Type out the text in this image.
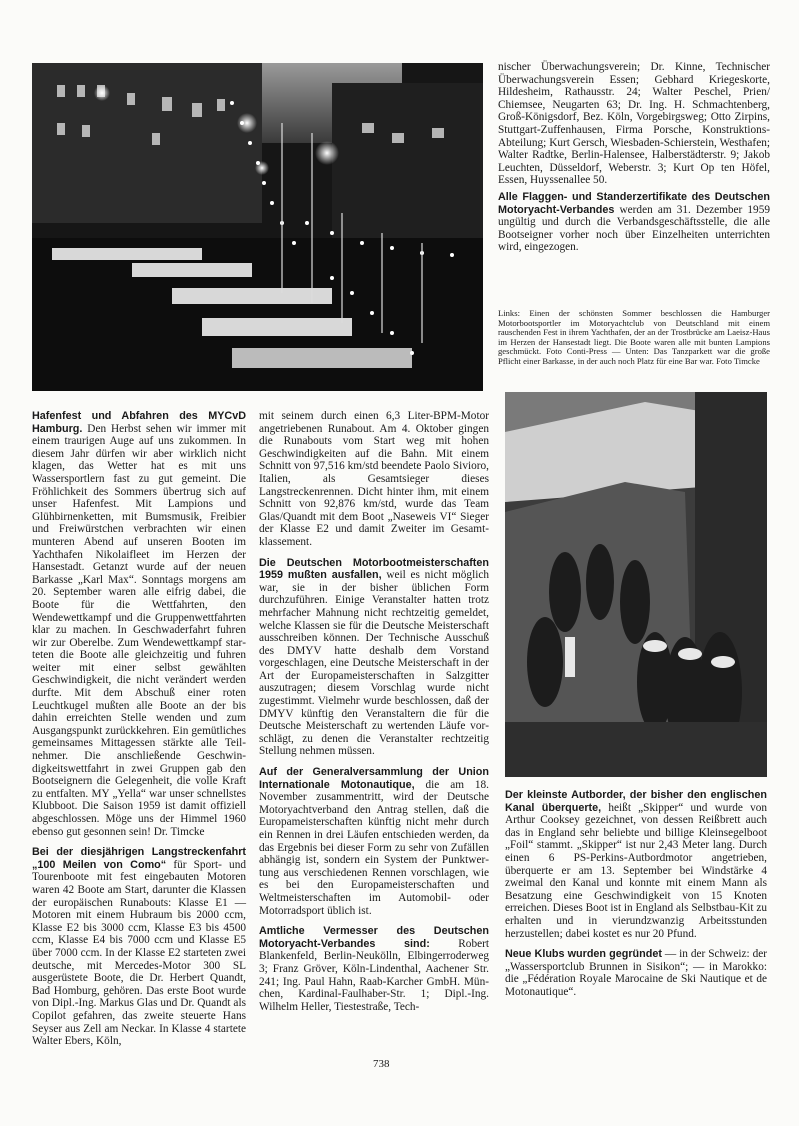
nischer Überwachungsverein; Dr. Kinne, Technischer Überwachungsverein Essen; Gebhard Kriegeskorte, Hildesheim, Rathausstr. 24; Walter Peschel, Prien/ Chiemsee, Neugarten 63; Dr. Ing. H. Schmachtenberg, Groß-Königsdorf, Bez. Köln, Vorgebirgsweg; Otto Zirpins, Stuttgart-Zuffenhausen, Firma Porsche, Konstruktions-Abteilung; Kurt Gersch, Wiesbaden-Schierstein, Westhafen; Walter Radtke, Berlin-Halensee, Halberstädterstr. 9; Jakob Leuchten, Düsseldorf, Weberstr. 3; Kurt Op ten Höfel, Essen, Huyssenallee 50.

Alle Flaggen- und Standerzertifikate des Deutschen Motoryacht-Verbandes werden am 31. Dezember 1959 ungültig und durch die Verbandsgeschäftsstelle, die alle Bootseigner vorher noch über Einzelheiten unterrichten wird, eingezogen.

Links: Einen der schönsten Sommer beschlossen die Hamburger Motorbootsportler im Motoryachtclub von Deutschland mit einem rauschenden Fest in ihrem Yachthafen, der an der Trostbrücke am Laeisz-Haus im Herzen der Hansestadt liegt. Die Boote waren alle mit bunten Lampions geschmückt. Foto Conti-Press — Unten: Das Tanzparkett war die große Pflicht einer Barkasse, in der auch noch Platz für eine Bar war. Foto Timcke

Hafenfest und Abfahren des MYCvD Hamburg. Den Herbst sehen wir immer mit einem traurigen Auge auf uns zukommen. In diesem Jahr dürfen wir aber wirklich nicht klagen, das Wetter hat es mit uns Wassersportlern fast zu gut gemeint. Die Fröhlichkeit des Sommers übertrug sich auf unser Hafenfest. Mit Lampions und Glühbirnenketten, mit Bumsmusik, Freibier und Freiwürstchen verbrachten wir einen munteren Abend auf unseren Booten im Yachthafen Nikolaifleet im Herzen der Hansestadt. Getanzt wurde auf der neuen Barkasse „Karl Max“. Sonntags morgens am 20. September waren alle eifrig dabei, die Boote für die Wettfahrten, den Wendewettkampf und die Gruppenwettfahrten klar zu machen. In Geschwaderfahrt fuhren wir zur Oberelbe. Zum Wendewettkampf starteten die Boote alle gleichzeitig und fuhren weiter mit einer selbst gewählten Geschwindigkeit, die nicht verändert werden durfte. Mit dem Abschuß einer roten Leuchtkugel mußten alle Boote an der bis dahin erreichten Stelle wenden und zum Ausgangspunkt zurückkehren. Ein gemütliches gemeinsames Mittagessen stärkte alle Teilnehmer. Die anschließende Geschwindigkeitswettfahrt in zwei Gruppen gab den Bootseignern die Gelegenheit, die volle Kraft zu entfalten. MY „Yella“ war unser schnellstes Klubboot. Die Saison 1959 ist damit offiziell abgeschlossen. Möge uns der Himmel 1960 ebenso gut gesonnen sein! Dr. Timcke

Bei der diesjährigen Langstreckenfahrt „100 Meilen von Como“ für Sport- und Tourenboote mit fest eingebauten Motoren waren 42 Boote am Start, darunter die Klassen der europäischen Runabouts: Klasse E1 — Motoren mit einem Hubraum bis 2000 ccm, Klasse E2 bis 3000 ccm, Klasse E3 bis 4500 ccm, Klasse E4 bis 7000 ccm und Klasse E5 über 7000 ccm. In der Klasse E2 starteten zwei deutsche, mit Mercedes-Motor 300 SL ausgerüstete Boote, die Dr. Herbert Quandt, Bad Homburg, gehören. Das erste Boot wurde von Dipl.-Ing. Markus Glas und Dr. Quandt als Copilot gefahren, das zweite steuerte Hans Seyser aus Zell am Neckar. In Klasse 4 startete Walter Ebers, Köln,

mit seinem durch einen 6,3 Liter-BPM-Motor angetriebenen Runabout. Am 4. Oktober gingen die Runabouts vom Start weg mit hohen Geschwindigkeiten auf die Bahn. Mit einem Schnitt von 97,516 km/std beendete Paolo Sivioro, Italien, als Gesamtsieger dieses Langstreckenrennen. Dicht hinter ihm, mit einem Schnitt von 92,876 km/std, wurde das Team Glas/Quandt mit dem Boot „Naseweis VI“ Sieger der Klasse E2 und damit Zweiter im Gesamtklassement.

Die Deutschen Motorbootmeisterschaften 1959 mußten ausfallen, weil es nicht möglich war, sie in der bisher üblichen Form durchzuführen. Einige Veranstalter hatten trotz mehrfacher Mahnung nicht rechtzeitig gemeldet, welche Klassen sie für die Deutsche Meisterschaft ausschreiben können. Der Technische Ausschuß des DMYV hatte deshalb dem Vorstand vorgeschlagen, eine Deutsche Meisterschaft in der Art der Europameisterschaften in Salzgitter auszutragen; diesem Vorschlag wurde nicht zugestimmt. Vielmehr wurde beschlossen, daß der DMYV künftig den Veranstaltern die für die Deutsche Meisterschaft zu wertenden Läufe vorschlägt, zu denen die Veranstalter rechtzeitig Stellung nehmen müssen.

Auf der Generalversammlung der Union Internationale Motonautique, die am 18. November zusammentritt, wird der Deutsche Motoryachtverband den Antrag stellen, daß die Europameisterschaften künftig nicht mehr durch ein Rennen in drei Läufen entschieden werden, da das Ergebnis bei dieser Form zu sehr von Zufällen abhängig ist, sondern ein System der Punktwertung aus verschiedenen Rennen vorschlagen, wie es bei den Europameisterschaften und Weltmeisterschaften im Automobil- oder Motorradsport üblich ist.

Amtliche Vermesser des Deutschen Motoryacht-Verbandes sind:	Robert Blankenfeld, Berlin-Neukölln, Elbingerroderweg 3; Franz Gröver, Köln-Lindenthal, Aachener Str. 241; Ing. Paul Hahn, Raab-Karcher GmbH. München, Kardinal-Faulhaber-Str. 1; Dipl.-Ing. Wilhelm Heller, Tiestestraße, Tech-

Der kleinste Autborder, der bisher den englischen Kanal überquerte, heißt „Skipper“ und wurde von Arthur Cooksey gezeichnet, von dessen Reißbrett auch das in England sehr beliebte und billige Kleinsegelboot „Foil“ stammt. „Skipper“ ist nur 2,43 Meter lang. Durch einen 6 PS-Perkins-Autbordmotor angetrieben, überquerte er am 13. September bei Windstärke 4 zweimal den Kanal und konnte mit einem Mann als Besatzung eine Geschwindigkeit von 15 Knoten erreichen. Dieses Boot ist in England als Selbstbau-Kit zu erhalten und in vierundzwanzig Arbeitsstunden herzustellen; dabei kostet es nur 20 Pfund.

Neue Klubs wurden gegründet — in der Schweiz: der „Wassersportclub Brunnen in Sisikon“; — in Marokko: die „Fédération Royale Marocaine de Ski Nautique et de Motonautique“.

738
